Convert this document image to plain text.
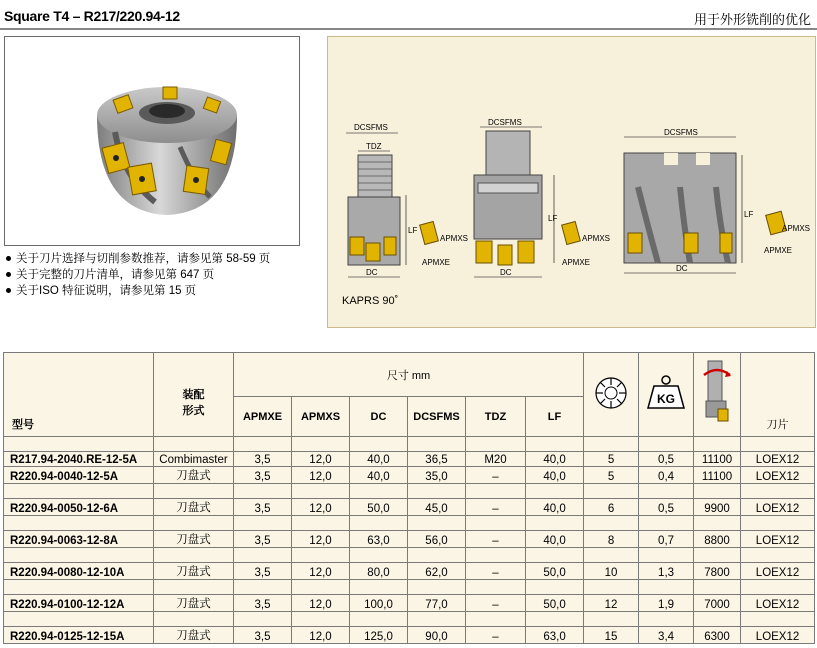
Square T4 – R217/220.94-12	用于外形铣削的优化
关于刀片选择与切削参数推荐，请参见第 58-59 页
关于完整的刀片清单，请参见第 647 页
关于ISO 特征说明，请参见第 15 页
DCSFMS
TDZ
LF
DC
APMXS
APMXE
DCSFMS
LF
DC
APMXS
APMXE
DCSFMS
DC
LF
APMXS
APMXE
KAPRS 90˚
型号	装配
形式	尺寸 mm							KG		刀片
		APMXE	APMXS	DC	DCSFMS	TDZ	LF				

R217.94-2040.RE-12-5A	Combimaster	3,5	12,0	40,0	36,5	M20	40,0	5	0,5	11100	LOEX12
R220.94-0040-12-5A	刀盘式	3,5	12,0	40,0	35,0	–	40,0	5	0,4	11100	LOEX12

R220.94-0050-12-6A	刀盘式	3,5	12,0	50,0	45,0	–	40,0	6	0,5	9900	LOEX12

R220.94-0063-12-8A	刀盘式	3,5	12,0	63,0	56,0	–	40,0	8	0,7	8800	LOEX12

R220.94-0080-12-10A	刀盘式	3,5	12,0	80,0	62,0	–	50,0	10	1,3	7800	LOEX12

R220.94-0100-12-12A	刀盘式	3,5	12,0	100,0	77,0	–	50,0	12	1,9	7000	LOEX12

R220.94-0125-12-15A	刀盘式	3,5	12,0	125,0	90,0	–	63,0	15	3,4	6300	LOEX12
